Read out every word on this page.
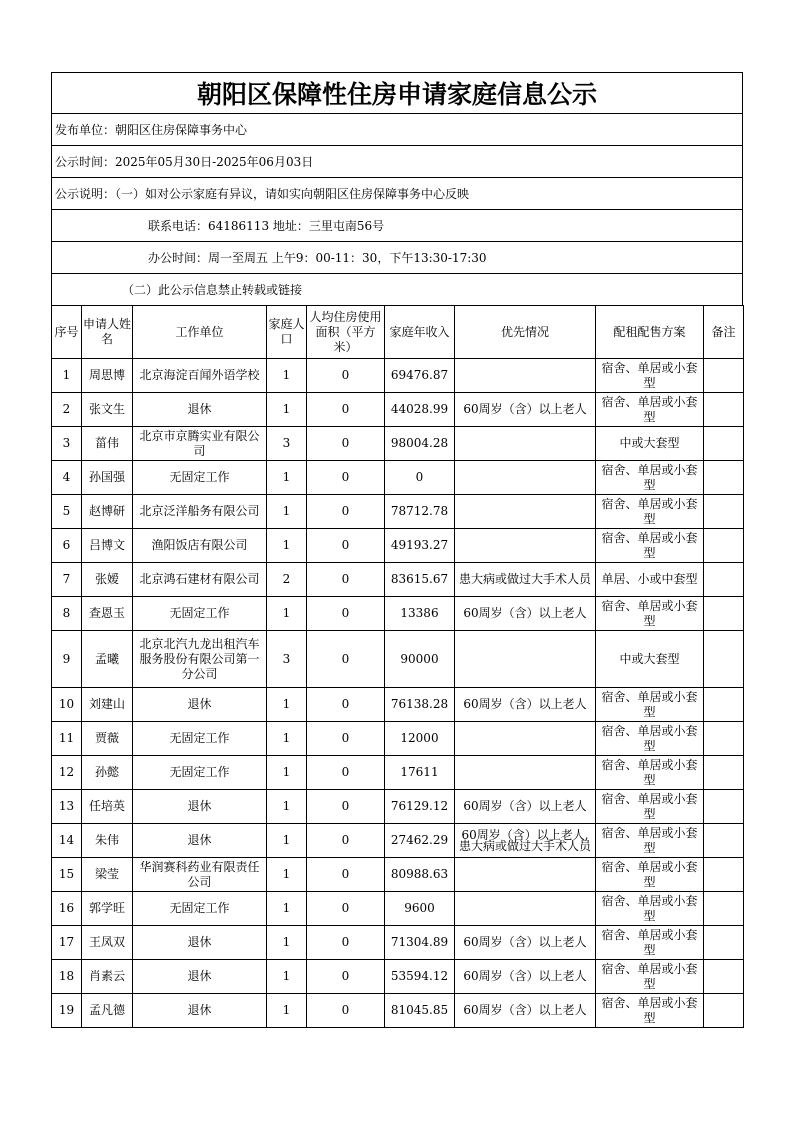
朝阳区保障性住房申请家庭信息公示
发布单位：朝阳区住房保障事务中心
公示时间：2025年05月30日-2025年06月03日
公示说明：（一）如对公示家庭有异议，请如实向朝阳区住房保障事务中心反映
联系电话：64186113 地址：三里屯南56号
办公时间：周一至周五 上午9：00-11：30，下午13:30-17:30
（二）此公示信息禁止转载或链接
序号	申请人姓名	工作单位	家庭人口	人均住房使用面积（平方米）	家庭年收入	优先情况	配租配售方案	备注
1	周思博	北京海淀百闻外语学校	1	0	69476.87		宿舍、单居或小套型	
2	张文生	退休	1	0	44028.99	60周岁（含）以上老人	宿舍、单居或小套型	
3	菑伟	北京市京腾实业有限公司	3	0	98004.28		中或大套型	
4	孙国强	无固定工作	1	0	0		宿舍、单居或小套型	
5	赵博研	北京泛洋船务有限公司	1	0	78712.78		宿舍、单居或小套型	
6	吕博文	渔阳饭店有限公司	1	0	49193.27		宿舍、单居或小套型	
7	张嫒	北京鸿石建材有限公司	2	0	83615.67	患大病或做过大手术人员	单居、小或中套型	
8	查恩玉	无固定工作	1	0	13386	60周岁（含）以上老人	宿舍、单居或小套型	
9	孟曦	北京北汽九龙出租汽车服务股份有限公司第一分公司	3	0	90000		中或大套型	
10	刘建山	退休	1	0	76138.28	60周岁（含）以上老人	宿舍、单居或小套型	
11	贾薇	无固定工作	1	0	12000		宿舍、单居或小套型	
12	孙懿	无固定工作	1	0	17611		宿舍、单居或小套型	
13	任培英	退休	1	0	76129.12	60周岁（含）以上老人	宿舍、单居或小套型	
14	朱伟	退休	1	0	27462.29	60周岁（含）以上老人,患大病或做过大手术人员	宿舍、单居或小套型	
15	梁莹	华润赛科药业有限责任公司	1	0	80988.63		宿舍、单居或小套型	
16	郭学旺	无固定工作	1	0	9600		宿舍、单居或小套型	
17	王凤双	退休	1	0	71304.89	60周岁（含）以上老人	宿舍、单居或小套型	
18	肖素云	退休	1	0	53594.12	60周岁（含）以上老人	宿舍、单居或小套型	
19	孟凡德	退休	1	0	81045.85	60周岁（含）以上老人	宿舍、单居或小套型	
